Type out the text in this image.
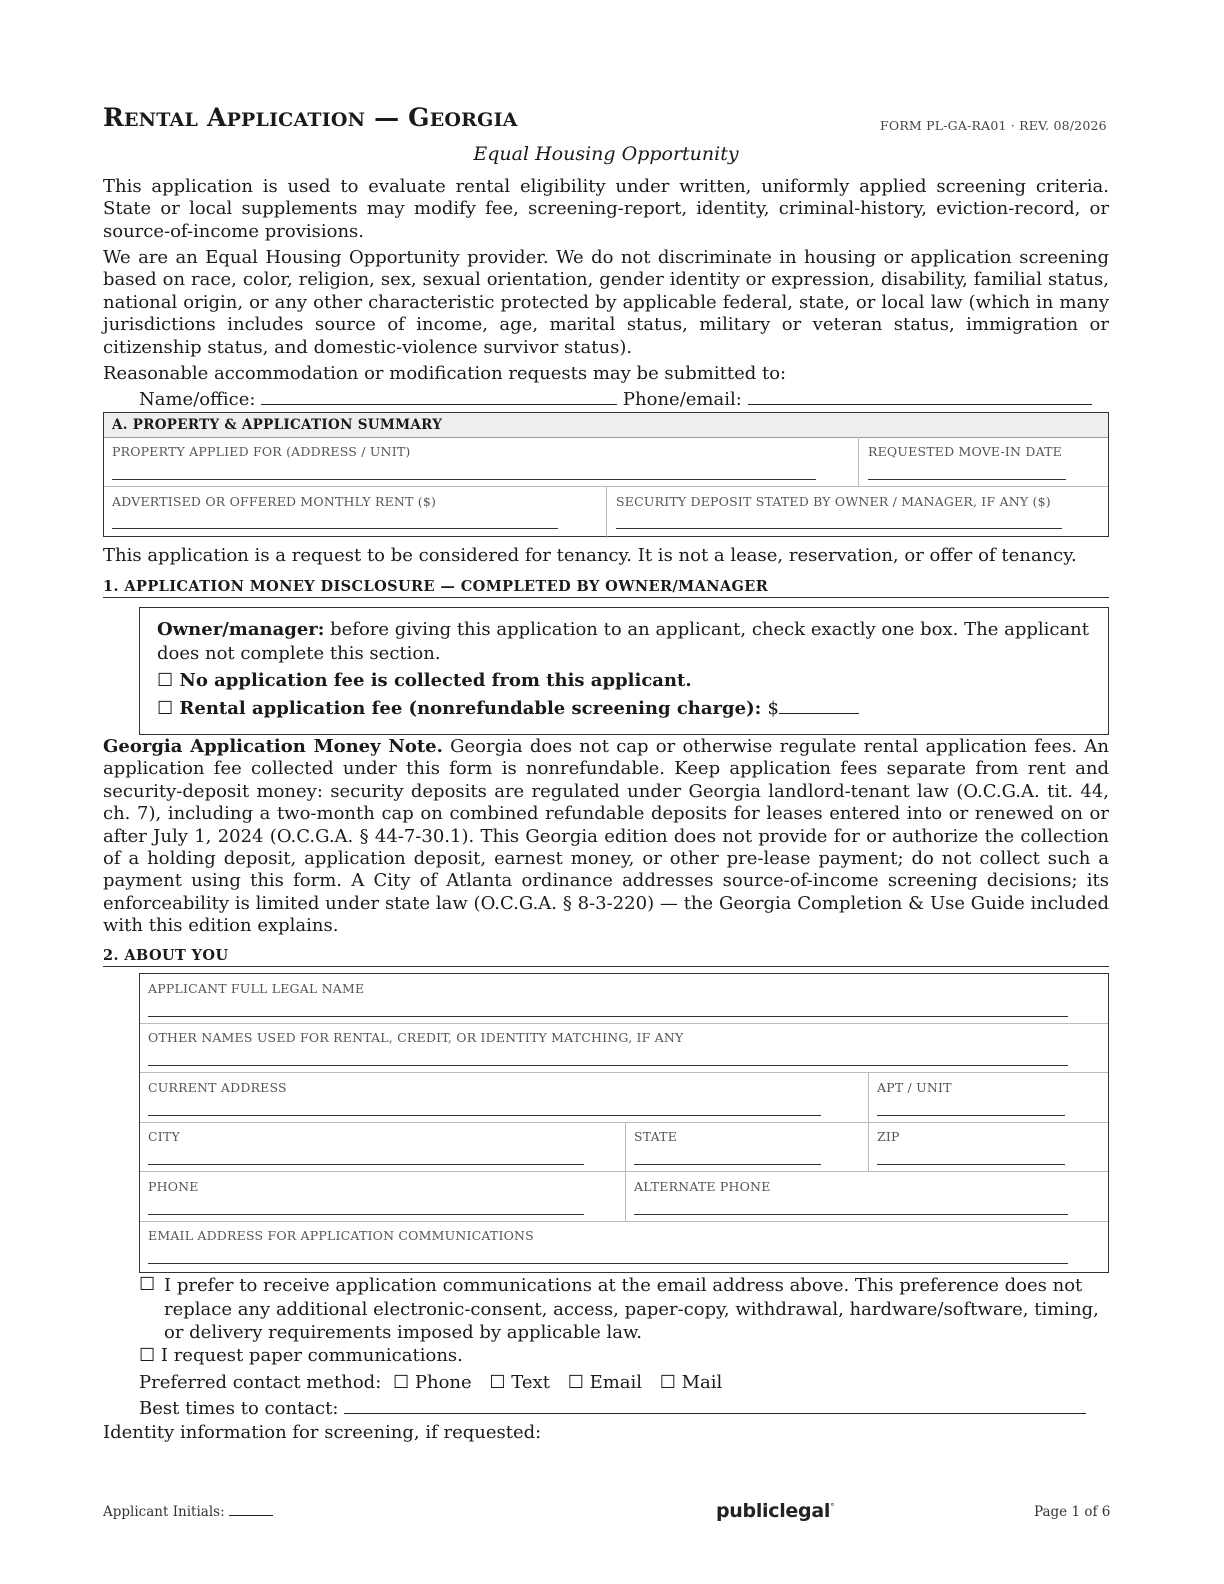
RENTAL APPLICATION — GEORGIA	FORM PL-GA-RA01 · REV. 08/2026
Equal Housing Opportunity
This application is used to evaluate rental eligibility under written, uniformly applied screening criteria. State or local supplements may modify fee, screening-report, identity, criminal-history, eviction-record, or source-of-income provisions.
We are an Equal Housing Opportunity provider. We do not discriminate in housing or application screening based on race, color, religion, sex, sexual orientation, gender identity or expression, disability, familial status, national origin, or any other characteristic protected by applicable federal, state, or local law (which in many jurisdictions includes source of income, age, marital status, military or veteran status, immigration or citizenship status, and domestic-violence survivor status).
Reasonable accommodation or modification requests may be submitted to:
Name/office:	Phone/email:
A. PROPERTY & APPLICATION SUMMARY
PROPERTY APPLIED FOR (ADDRESS / UNIT)	REQUESTED MOVE-IN DATE
ADVERTISED OR OFFERED MONTHLY RENT ($)	SECURITY DEPOSIT STATED BY OWNER / MANAGER, IF ANY ($)
This application is a request to be considered for tenancy. It is not a lease, reservation, or offer of tenancy.
1. APPLICATION MONEY DISCLOSURE — COMPLETED BY OWNER/MANAGER
Owner/manager: before giving this application to an applicant, check exactly one box. The applicant does not complete this section.
☐ No application fee is collected from this applicant.
☐ Rental application fee (nonrefundable screening charge): $
Georgia Application Money Note. Georgia does not cap or otherwise regulate rental application fees. An application fee collected under this form is nonrefundable. Keep application fees separate from rent and security-deposit money: security deposits are regulated under Georgia landlord-tenant law (O.C.G.A. tit. 44, ch. 7), including a two-month cap on combined refundable deposits for leases entered into or renewed on or after July 1, 2024 (O.C.G.A. § 44-7-30.1). This Georgia edition does not provide for or authorize the collection of a holding deposit, application deposit, earnest money, or other pre-lease payment; do not collect such a payment using this form. A City of Atlanta ordinance addresses source-of-income screening decisions; its enforceability is limited under state law (O.C.G.A. § 8-3-220) — the Georgia Completion & Use Guide included with this edition explains.
2. ABOUT YOU
APPLICANT FULL LEGAL NAME
OTHER NAMES USED FOR RENTAL, CREDIT, OR IDENTITY MATCHING, IF ANY
CURRENT ADDRESS	APT / UNIT
CITY	STATE	ZIP
PHONE	ALTERNATE PHONE
EMAIL ADDRESS FOR APPLICATION COMMUNICATIONS
☐ I prefer to receive application communications at the email address above. This preference does not replace any additional electronic-consent, access, paper-copy, withdrawal, hardware/software, timing, or delivery requirements imposed by applicable law.
☐ I request paper communications.
Preferred contact method: ☐ Phone ☐ Text ☐ Email ☐ Mail
Best times to contact:
Identity information for screening, if requested:
Applicant Initials:	publiclegal°	Page 1 of 6
